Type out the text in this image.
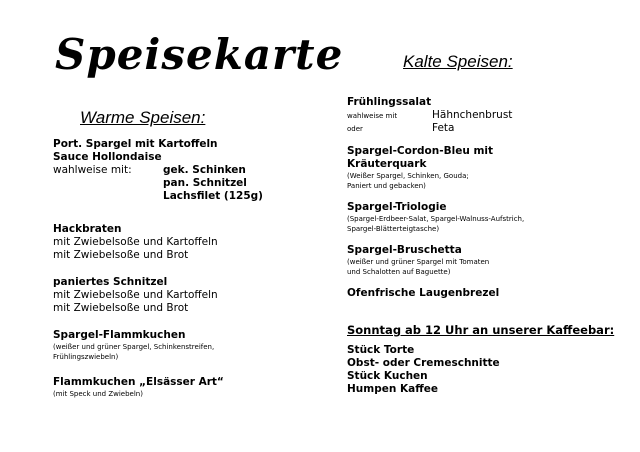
Speisekarte
Warme Speisen:
Kalte Speisen:
Port. Spargel mit Kartoffeln
Sauce Hollondaise
wahlweise mit:	gek. Schinken
pan. Schnitzel
Lachsfilet (125g)
Hackbraten
mit Zwiebelsoße und Kartoffeln
mit Zwiebelsoße und Brot
paniertes Schnitzel
mit Zwiebelsoße und Kartoffeln
mit Zwiebelsoße und Brot
Spargel-Flammkuchen
(weißer und grüner Spargel, Schinkenstreifen,
Frühlingszwiebeln)
Flammkuchen „Elsässer Art“
(mit Speck und Zwiebeln)
Frühlingssalat
wahlweise mit	Hähnchenbrust
oder	Feta
Spargel-Cordon-Bleu mit
Kräuterquark
(Weißer Spargel, Schinken, Gouda;
Paniert und gebacken)
Spargel-Triologie
(Spargel-Erdbeer-Salat, Spargel-Walnuss-Aufstrich,
Spargel-Blätterteigtasche)
Spargel-Bruschetta
(weißer und grüner Spargel mit Tomaten
und Schalotten auf Baguette)
Ofenfrische Laugenbrezel
Sonntag ab 12 Uhr an unserer Kaffeebar:
Stück Torte
Obst- oder Cremeschnitte
Stück Kuchen
Humpen Kaffee
